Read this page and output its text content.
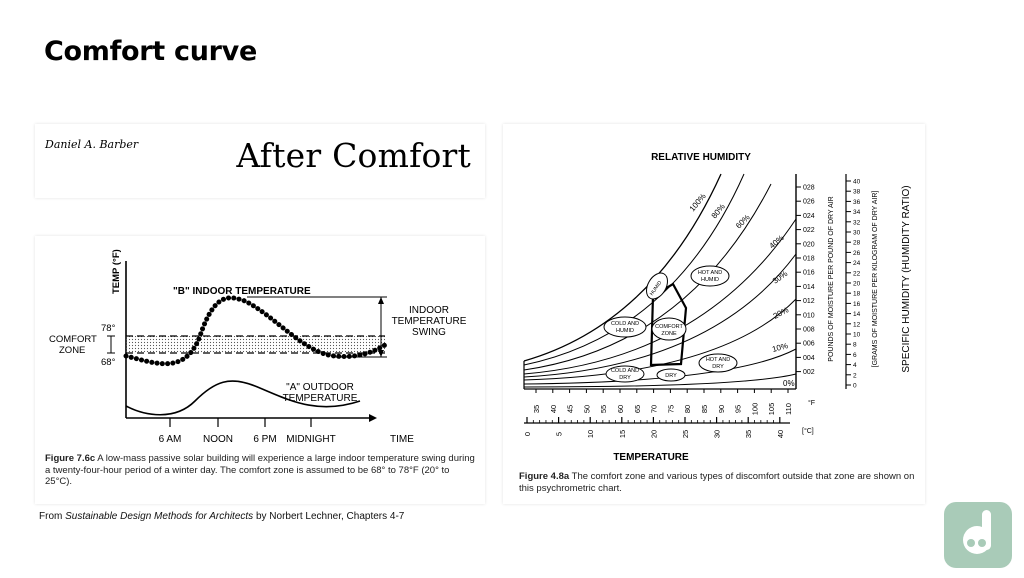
Comfort curve
Daniel A. Barber	After Comfort
TEMP (°F)
78°
68°
COMFORT
ZONE
"B" INDOOR TEMPERATURE
INDOOR
TEMPERATURE
SWING
"A" OUTDOOR
TEMPERATURE
6 AM NOON 6 PM MIDNIGHT	TIME
Figure 7.6c A low-mass passive solar building will experience a large indoor temperature swing during a twenty-four-hour period of a winter day. The comfort zone is assumed to be 68° to 78°F (20° to 25°C).
RELATIVE HUMIDITY
100% 80%
60%
40%
30%
20%
10%
0%
HUMID
HOT AND
HUMID
COLD AND
HUMID
COMFORT
ZONE
HOT AND
DRY
COLD AND
DRY	DRY
028
026
024
022
020
018
016
014
012
010
008
006
004
002
40
38
36
34
32
30
28
26
24
22
20
18
16
14
12
10
8
6
4
2
0
POUNDS OF MOISTURE PER POUND OF DRY AIR	[GRAMS OF MOISTURE PER KILOGRAM OF DRY AIR] SPECIFIC HUMIDITY (HUMIDITY RATIO)
35 40 45 50 55 60 65 70 75 80 85 90 95 100 105 110 °F
0	5	10	15	20	25	30	35	40 [°C]
TEMPERATURE
Figure 4.8a The comfort zone and various types of discomfort outside that zone are shown on this psychrometric chart.
From Sustainable Design Methods for Architects by Norbert Lechner, Chapters 4-7
